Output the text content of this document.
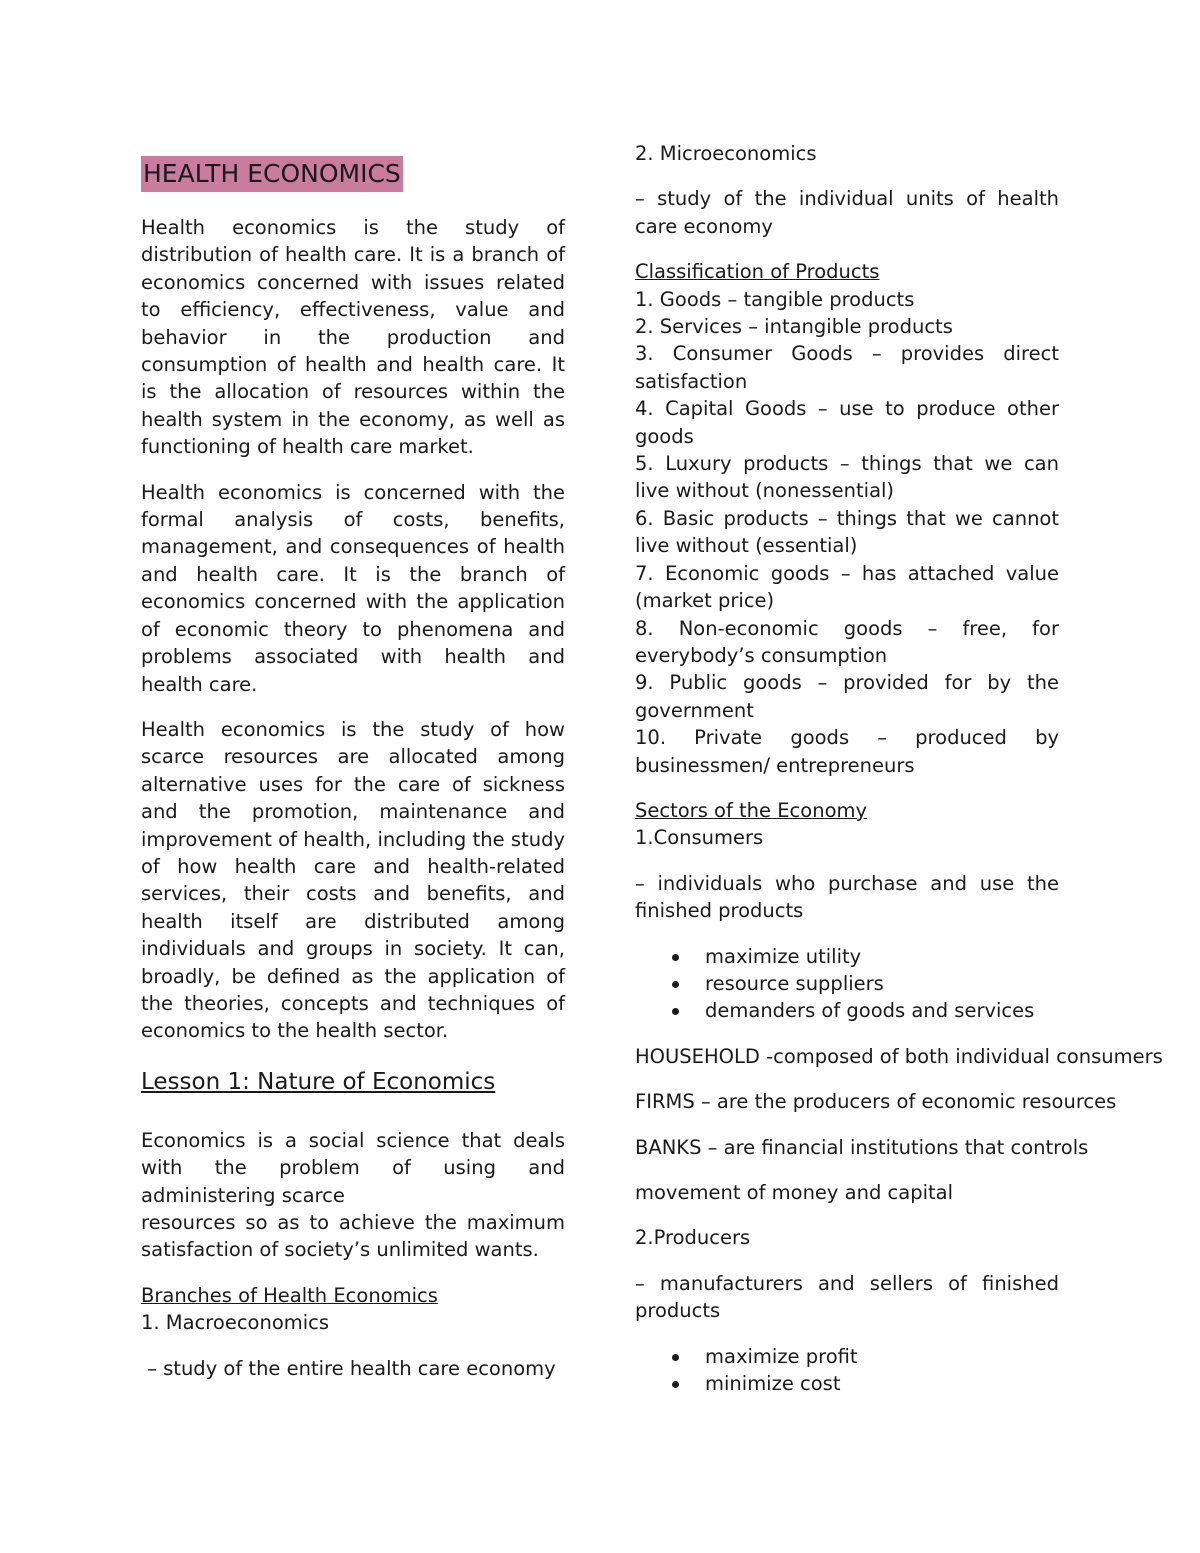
HEALTH ECONOMICS

Health economics is the study of distribution of health care. It is a branch of economics concerned with issues related to efficiency, effectiveness, value and behavior in the production and consumption of health and health care. It is the allocation of resources within the health system in the economy, as well as functioning of health care market.

Health economics is concerned with the formal analysis of costs, benefits, management, and consequences of health and health care. It is the branch of economics concerned with the application of economic theory to phenomena and problems associated with health and health care.

Health economics is the study of how scarce resources are allocated among alternative uses for the care of sickness and the promotion, maintenance and improvement of health, including the study of how health care and health-related services, their costs and benefits, and health itself are distributed among individuals and groups in society. It can, broadly, be defined as the application of the theories, concepts and techniques of economics to the health sector.

Lesson 1: Nature of Economics

Economics is a social science that deals with the problem of using and administering scarce

resources so as to achieve the maximum satisfaction of society’s unlimited wants.

Branches of Health Economics

1. Macroeconomics

– study of the entire health care economy

2. Microeconomics

– study of the individual units of health care economy

Classification of Products

1. Goods – tangible products

2. Services – intangible products

3. Consumer Goods – provides direct satisfaction

4. Capital Goods – use to produce other goods

5. Luxury products – things that we can live without (nonessential)

6. Basic products – things that we cannot live without (essential)

7. Economic goods – has attached value (market price)

8. Non-economic goods – free, for everybody’s consumption

9. Public goods – provided for by the government

10. Private goods – produced by businessmen/ entrepreneurs

Sectors of the Economy

1.Consumers

– individuals who purchase and use the finished products

maximize utility
resource suppliers
demanders of goods and services

HOUSEHOLD -composed of both individual consumers

FIRMS – are the producers of economic resources

BANKS – are financial institutions that controls

movement of money and capital

2.Producers

– manufacturers and sellers of finished products

maximize profit
minimize cost
